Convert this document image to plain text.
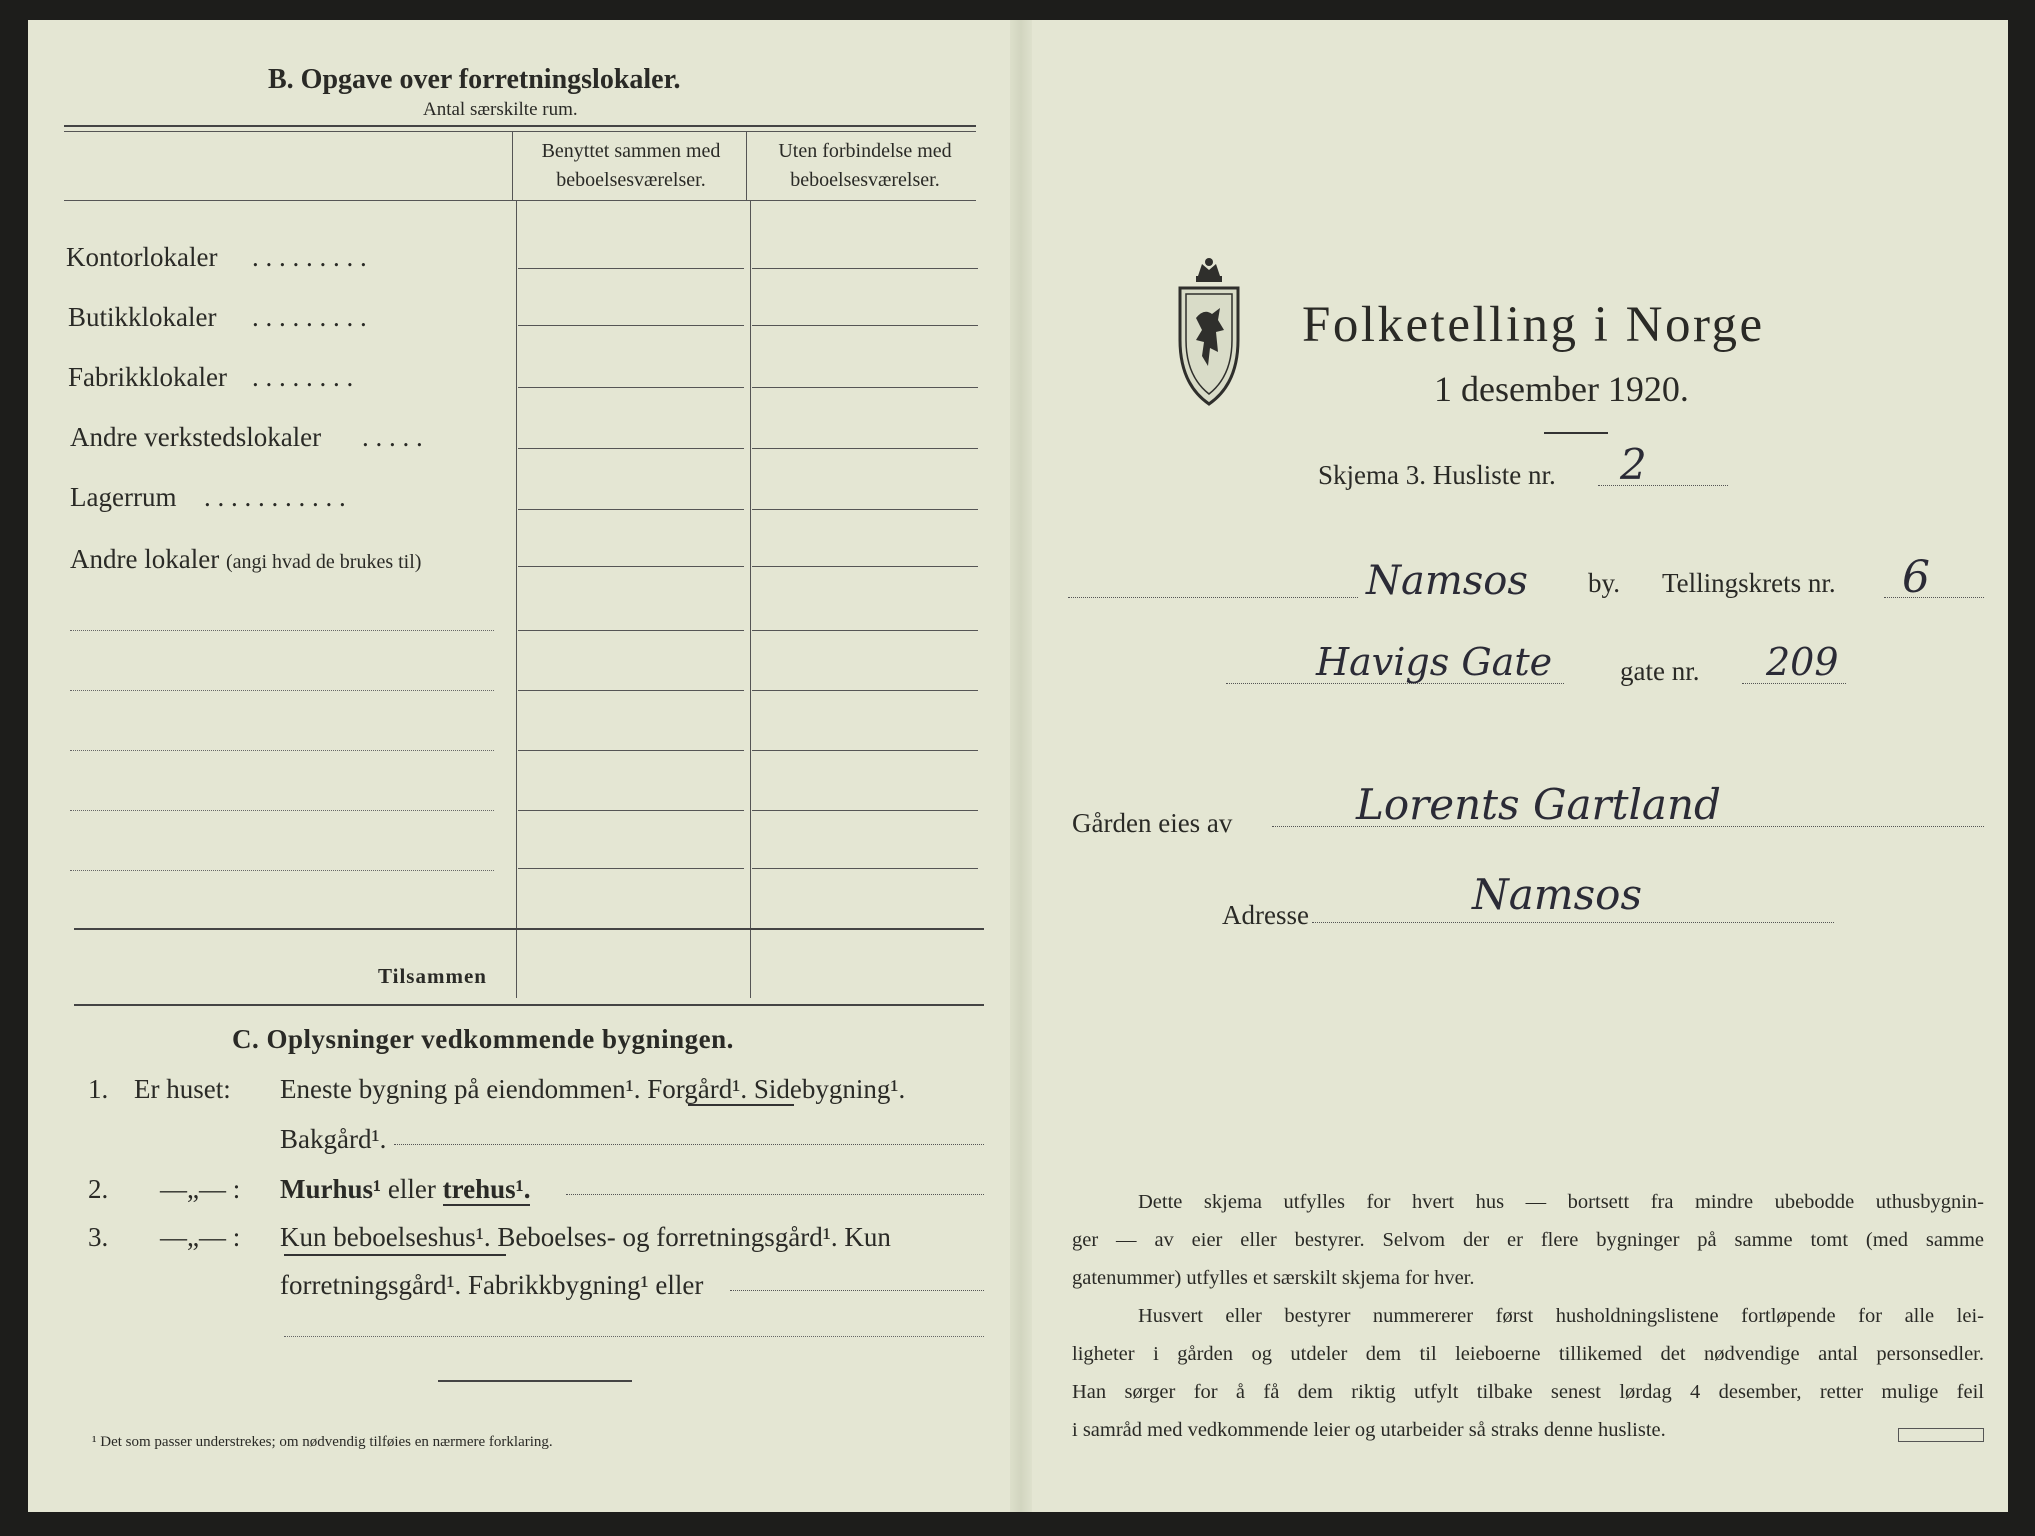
B. Opgave over forretningslokaler.
Antal særskilte rum.
Benyttet sammen med
beboelsesværelser.
Uten forbindelse med
beboelsesværelser.
Kontorlokaler . . . . . . . . .
Butikklokaler . . . . . . . . .
Fabrikklokaler . . . . . . . .
Andre verkstedslokaler . . . . .
Lagerrum . . . . . . . . . . .
Andre lokaler (angi hvad de brukes til)
Tilsammen
C. Oplysninger vedkommende bygningen.
1. Er huset: Eneste bygning på eiendommen¹. Forgård¹. Sidebygning¹.
Bakgård¹.
2. —„— : Murhus¹ eller trehus¹.
3. —„— : Kun beboelseshus¹. Beboelses- og forretningsgård¹. Kun
forretningsgård¹. Fabrikkbygning¹ eller
¹ Det som passer understrekes; om nødvendig tilføies en nærmere forklaring.
Folketelling i Norge
1 desember 1920.
Skjema 3. Husliste nr. 2
Namsos by. Tellingskrets nr. 6
Havigs Gate	gate nr. 209
Gården eies av	Lorents Gartland
Adresse	Namsos
Dette skjema utfylles for hvert hus — bortsett fra mindre ubebodde uthusbygnin-
ger — av eier eller bestyrer. Selvom der er flere bygninger på samme tomt (med samme
gatenummer) utfylles et særskilt skjema for hver.
Husvert eller bestyrer nummererer først husholdningslistene fortløpende for alle lei-
ligheter i gården og utdeler dem til leieboerne tillikemed det nødvendige antal personsedler.
Han sørger for å få dem riktig utfylt tilbake senest lørdag 4 desember, retter mulige feil
i samråd med vedkommende leier og utarbeider så straks denne husliste.
